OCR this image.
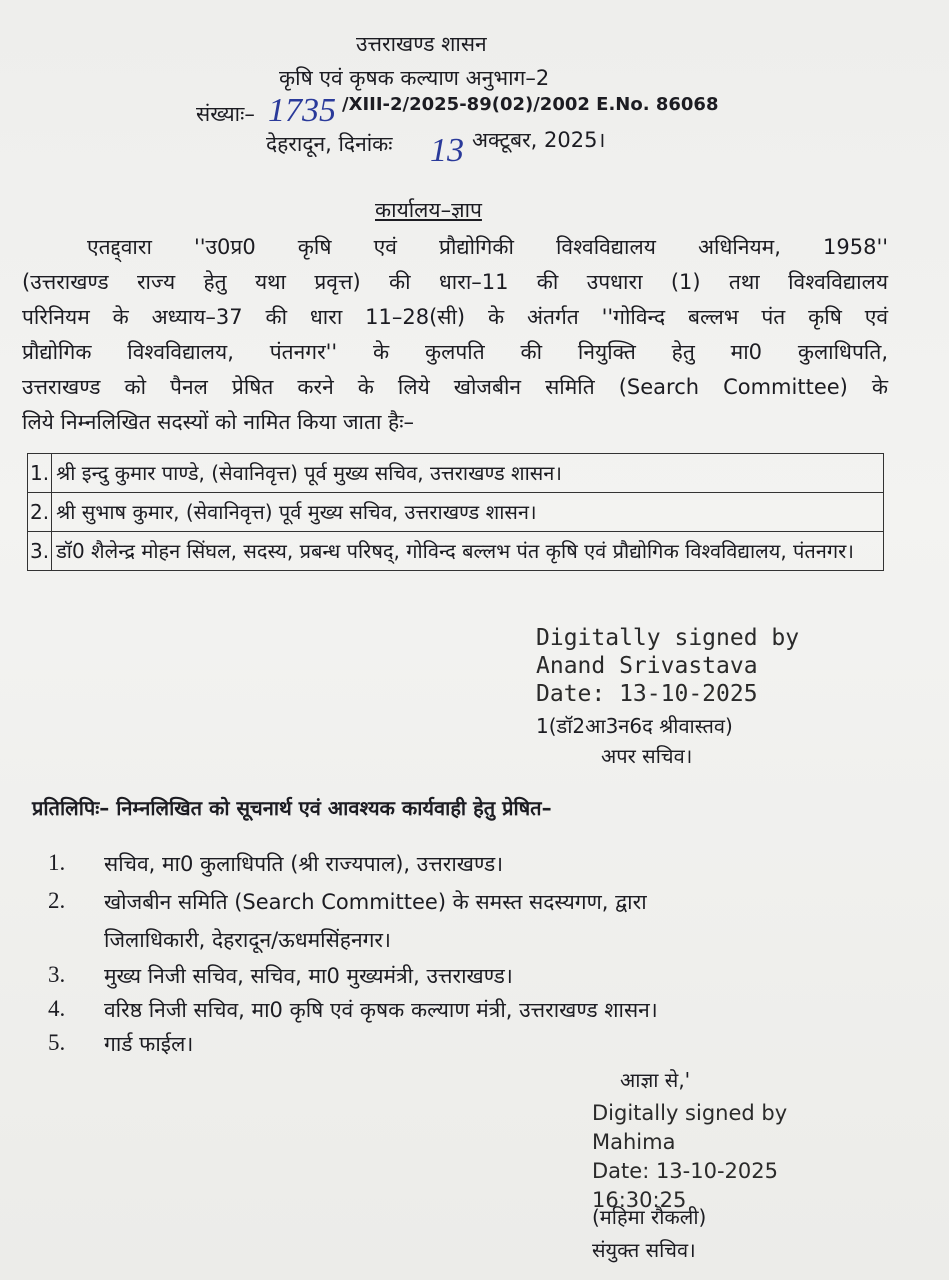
उत्तराखण्ड शासन
कृषि एवं कृषक कल्याण अनुभाग–2
संख्याः– 1735 /XIII-2/2025-89(02)/2002 E.No. 86068
देहरादून, दिनांकः 13 अक्टूबर, 2025।
कार्यालय–ज्ञाप
एतद्द्वारा ''उ0प्र0 कृषि एवं प्रौद्योगिकी विश्वविद्यालय अधिनियम, 1958''
(उत्तराखण्ड राज्य हेतु यथा प्रवृत्त) की धारा–11 की उपधारा (1) तथा विश्वविद्यालय
परिनियम के अध्याय–37 की धारा 11–28(सी) के अंतर्गत ''गोविन्द बल्लभ पंत कृषि एवं
प्रौद्योगिक विश्वविद्यालय, पंतनगर'' के कुलपति की नियुक्ति हेतु मा0 कुलाधिपति,
उत्तराखण्ड को पैनल प्रेषित करने के लिये खोजबीन समिति (Search Committee) के
लिये निम्नलिखित सदस्यों को नामित किया जाता हैः–
1.	श्री इन्दु कुमार पाण्डे, (सेवानिवृत्त) पूर्व मुख्य सचिव, उत्तराखण्ड शासन।
2.	श्री सुभाष कुमार, (सेवानिवृत्त) पूर्व मुख्य सचिव, उत्तराखण्ड शासन।
3.	डॉ0 शैलेन्द्र मोहन सिंघल, सदस्य, प्रबन्ध परिषद्, गोविन्द बल्लभ पंत कृषि एवं प्रौद्योगिक विश्वविद्यालय, पंतनगर।
Digitally signed by
Anand Srivastava
Date: 13-10-2025
1(डॉ2आ3न6द श्रीवास्तव)
अपर सचिव।
प्रतिलिपिः– निम्नलिखित को सूचनार्थ एवं आवश्यक कार्यवाही हेतु प्रेषित–
1.	सचिव, मा0 कुलाधिपति (श्री राज्यपाल), उत्तराखण्ड।
2.	खोजबीन समिति (Search Committee) के समस्त सदस्यगण, द्वारा
जिलाधिकारी, देहरादून/ऊधमसिंहनगर।
3.	मुख्य निजी सचिव, सचिव, मा0 मुख्यमंत्री, उत्तराखण्ड।
4.	वरिष्ठ निजी सचिव, मा0 कृषि एवं कृषक कल्याण मंत्री, उत्तराखण्ड शासन।
5.	गार्ड फाईल।
आज्ञा से,'
Digitally signed by
Mahima
Date: 13-10-2025
16:30:25
(महिमा रौकली)
संयुक्त सचिव।
